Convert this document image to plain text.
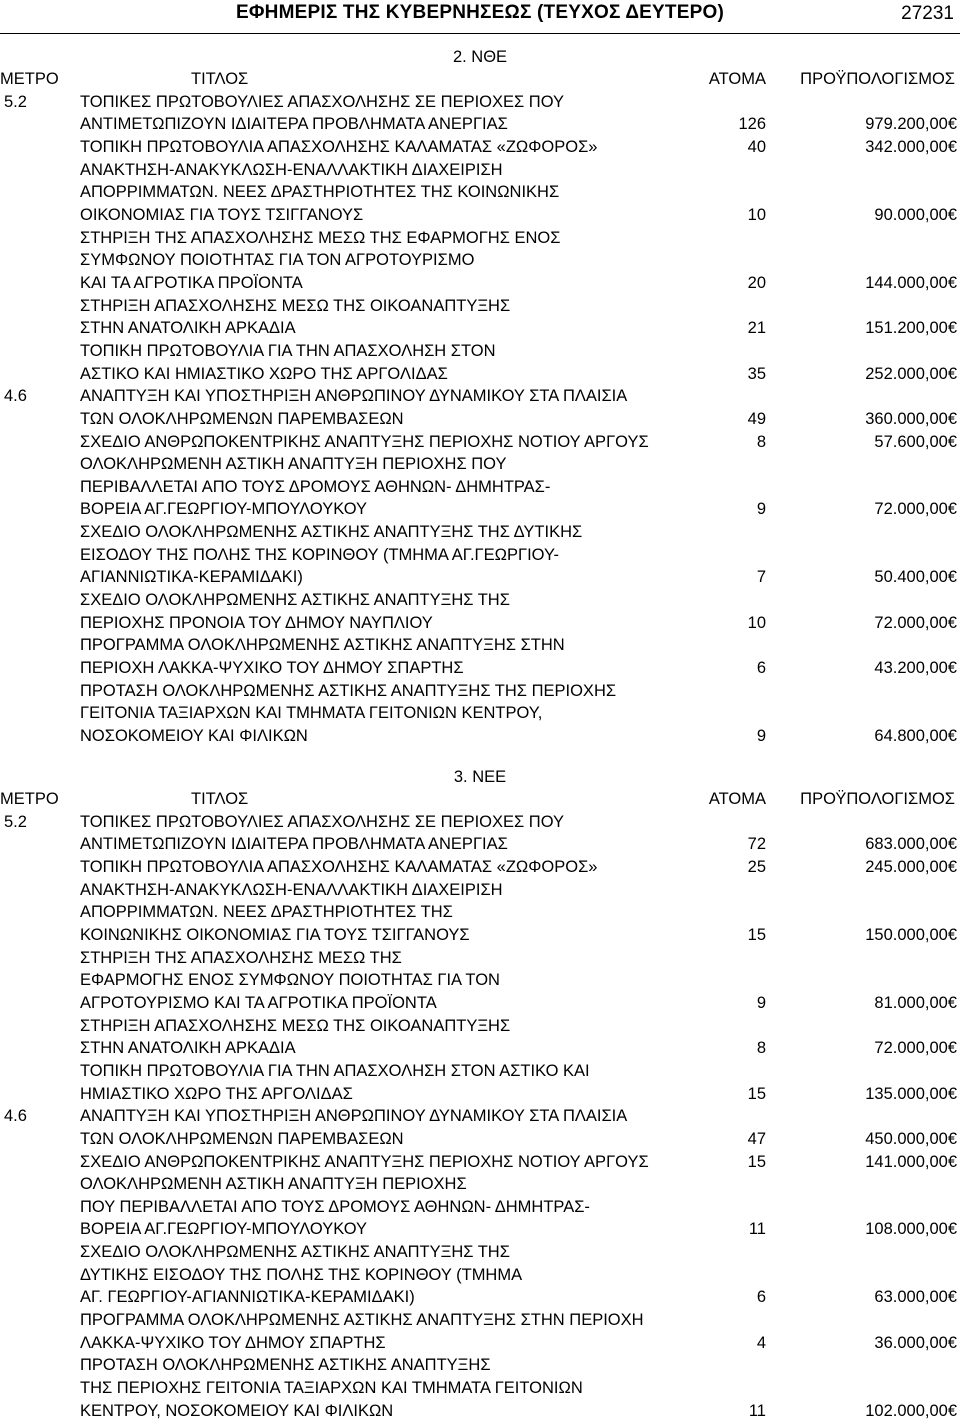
ΕΦΗΜΕΡΙΣ ΤΗΣ ΚΥΒΕΡΝΗΣΕΩΣ (ΤΕΥΧΟΣ ΔΕΥΤΕΡΟ)	27231
2. ΝΘΕ
ΜΕΤΡΟ	ΤΙΤΛΟΣ	ΑΤΟΜΑ ΠΡΟΫΠΟΛΟΓΙΣΜΟΣ
5.2	ΤΟΠΙΚΕΣ ΠΡΩΤΟΒΟΥΛΙΕΣ ΑΠΑΣΧΟΛΗΣΗΣ ΣΕ ΠΕΡΙΟΧΕΣ ΠΟΥ
ΑΝΤΙΜΕΤΩΠΙΖΟΥΝ ΙΔΙΑΙΤΕΡΑ ΠΡΟΒΛΗΜΑΤΑ ΑΝΕΡΓΙΑΣ	126	979.200,00€
ΤΟΠΙΚΗ ΠΡΩΤΟΒΟΥΛΙΑ ΑΠΑΣΧΟΛΗΣΗΣ ΚΑΛΑΜΑΤΑΣ «ΖΩΦΟΡΟΣ»	40	342.000,00€
ΑΝΑΚΤΗΣΗ-ΑΝΑΚΥΚΛΩΣΗ-ΕΝΑΛΛΑΚΤΙΚΗ ΔΙΑΧΕΙΡΙΣΗ
ΑΠΟΡΡΙΜΜΑΤΩΝ. ΝΕΕΣ ΔΡΑΣΤΗΡΙΟΤΗΤΕΣ ΤΗΣ ΚΟΙΝΩΝΙΚΗΣ
ΟΙΚΟΝΟΜΙΑΣ ΓΙΑ ΤΟΥΣ ΤΣΙΓΓΑΝΟΥΣ	10	90.000,00€
ΣΤΗΡΙΞΗ ΤΗΣ ΑΠΑΣΧΟΛΗΣΗΣ ΜΕΣΩ ΤΗΣ ΕΦΑΡΜΟΓΗΣ ΕΝΟΣ
ΣΥΜΦΩΝΟΥ ΠΟΙΟΤΗΤΑΣ ΓΙΑ ΤΟΝ ΑΓΡΟΤΟΥΡΙΣΜΟ
ΚΑΙ ΤΑ ΑΓΡΟΤΙΚΑ ΠΡΟΪΟΝΤΑ	20	144.000,00€
ΣΤΗΡΙΞΗ ΑΠΑΣΧΟΛΗΣΗΣ ΜΕΣΩ ΤΗΣ ΟΙΚΟΑΝΑΠΤΥΞΗΣ
ΣΤΗΝ ΑΝΑΤΟΛΙΚΗ ΑΡΚΑΔΙΑ	21	151.200,00€
ΤΟΠΙΚΗ ΠΡΩΤΟΒΟΥΛΙΑ ΓΙΑ ΤΗΝ ΑΠΑΣΧΟΛΗΣΗ ΣΤΟΝ
ΑΣΤΙΚΟ ΚΑΙ ΗΜΙΑΣΤΙΚΟ ΧΩΡΟ ΤΗΣ ΑΡΓΟΛΙΔΑΣ	35	252.000,00€
4.6	ΑΝΑΠΤΥΞΗ ΚΑΙ ΥΠΟΣΤΗΡΙΞΗ ΑΝΘΡΩΠΙΝΟΥ ΔΥΝΑΜΙΚΟΥ ΣΤΑ ΠΛΑΙΣΙΑ
ΤΩΝ ΟΛΟΚΛΗΡΩΜΕΝΩΝ ΠΑΡΕΜΒΑΣΕΩΝ	49	360.000,00€
ΣΧΕΔΙΟ ΑΝΘΡΩΠΟΚΕΝΤΡΙΚΗΣ ΑΝΑΠΤΥΞΗΣ ΠΕΡΙΟΧΗΣ ΝΟΤΙΟΥ ΑΡΓΟΥΣ	8	57.600,00€
ΟΛΟΚΛΗΡΩΜΕΝΗ ΑΣΤΙΚΗ ΑΝΑΠΤΥΞΗ ΠΕΡΙΟΧΗΣ ΠΟΥ
ΠΕΡΙΒΑΛΛΕΤΑΙ ΑΠΟ ΤΟΥΣ ΔΡΟΜΟΥΣ ΑΘΗΝΩΝ- ΔΗΜΗΤΡΑΣ-
ΒΟΡΕΙΑ ΑΓ.ΓΕΩΡΓΙΟΥ-ΜΠΟΥΛΟΥΚΟΥ	9	72.000,00€
ΣΧΕΔΙΟ ΟΛΟΚΛΗΡΩΜΕΝΗΣ ΑΣΤΙΚΗΣ ΑΝΑΠΤΥΞΗΣ ΤΗΣ ΔΥΤΙΚΗΣ
ΕΙΣΟΔΟΥ ΤΗΣ ΠΟΛΗΣ ΤΗΣ ΚΟΡΙΝΘΟΥ (ΤΜΗΜΑ ΑΓ.ΓΕΩΡΓΙΟΥ-
ΑΓΙΑΝΝΙΩΤΙΚΑ-ΚΕΡΑΜΙΔΑΚΙ)	7	50.400,00€
ΣΧΕΔΙΟ ΟΛΟΚΛΗΡΩΜΕΝΗΣ ΑΣΤΙΚΗΣ ΑΝΑΠΤΥΞΗΣ ΤΗΣ
ΠΕΡΙΟΧΗΣ ΠΡΟΝΟΙΑ ΤΟΥ ΔΗΜΟΥ ΝΑΥΠΛΙΟΥ	10	72.000,00€
ΠΡΟΓΡΑΜΜΑ ΟΛΟΚΛΗΡΩΜΕΝΗΣ ΑΣΤΙΚΗΣ ΑΝΑΠΤΥΞΗΣ ΣΤΗΝ
ΠΕΡΙΟΧΗ ΛΑΚΚΑ-ΨΥΧΙΚΟ ΤΟΥ ΔΗΜΟΥ ΣΠΑΡΤΗΣ	6	43.200,00€
ΠΡΟΤΑΣΗ ΟΛΟΚΛΗΡΩΜΕΝΗΣ ΑΣΤΙΚΗΣ ΑΝΑΠΤΥΞΗΣ ΤΗΣ ΠΕΡΙΟΧΗΣ
ΓΕΙΤΟΝΙΑ ΤΑΞΙΑΡΧΩΝ ΚΑΙ ΤΜΗΜΑΤΑ ΓΕΙΤΟΝΙΩΝ ΚΕΝΤΡΟΥ,
ΝΟΣΟΚΟΜΕΙΟΥ ΚΑΙ ΦΙΛΙΚΩΝ	9	64.800,00€
3. ΝΕΕ
ΜΕΤΡΟ	ΤΙΤΛΟΣ	ΑΤΟΜΑ ΠΡΟΫΠΟΛΟΓΙΣΜΟΣ
5.2	ΤΟΠΙΚΕΣ ΠΡΩΤΟΒΟΥΛΙΕΣ ΑΠΑΣΧΟΛΗΣΗΣ ΣΕ ΠΕΡΙΟΧΕΣ ΠΟΥ
ΑΝΤΙΜΕΤΩΠΙΖΟΥΝ ΙΔΙΑΙΤΕΡΑ ΠΡΟΒΛΗΜΑΤΑ ΑΝΕΡΓΙΑΣ	72	683.000,00€
ΤΟΠΙΚΗ ΠΡΩΤΟΒΟΥΛΙΑ ΑΠΑΣΧΟΛΗΣΗΣ ΚΑΛΑΜΑΤΑΣ «ΖΩΦΟΡΟΣ»	25	245.000,00€
ΑΝΑΚΤΗΣΗ-ΑΝΑΚΥΚΛΩΣΗ-ΕΝΑΛΛΑΚΤΙΚΗ ΔΙΑΧΕΙΡΙΣΗ
ΑΠΟΡΡΙΜΜΑΤΩΝ. ΝΕΕΣ ΔΡΑΣΤΗΡΙΟΤΗΤΕΣ ΤΗΣ
ΚΟΙΝΩΝΙΚΗΣ ΟΙΚΟΝΟΜΙΑΣ ΓΙΑ ΤΟΥΣ ΤΣΙΓΓΑΝΟΥΣ	15	150.000,00€
ΣΤΗΡΙΞΗ ΤΗΣ ΑΠΑΣΧΟΛΗΣΗΣ ΜΕΣΩ ΤΗΣ
ΕΦΑΡΜΟΓΗΣ ΕΝΟΣ ΣΥΜΦΩΝΟΥ ΠΟΙΟΤΗΤΑΣ ΓΙΑ ΤΟΝ
ΑΓΡΟΤΟΥΡΙΣΜΟ ΚΑΙ ΤΑ ΑΓΡΟΤΙΚΑ ΠΡΟΪΟΝΤΑ	9	81.000,00€
ΣΤΗΡΙΞΗ ΑΠΑΣΧΟΛΗΣΗΣ ΜΕΣΩ ΤΗΣ ΟΙΚΟΑΝΑΠΤΥΞΗΣ
ΣΤΗΝ ΑΝΑΤΟΛΙΚΗ ΑΡΚΑΔΙΑ	8	72.000,00€
ΤΟΠΙΚΗ ΠΡΩΤΟΒΟΥΛΙΑ ΓΙΑ ΤΗΝ ΑΠΑΣΧΟΛΗΣΗ ΣΤΟΝ ΑΣΤΙΚΟ ΚΑΙ
ΗΜΙΑΣΤΙΚΟ ΧΩΡΟ ΤΗΣ ΑΡΓΟΛΙΔΑΣ	15	135.000,00€
4.6	ΑΝΑΠΤΥΞΗ ΚΑΙ ΥΠΟΣΤΗΡΙΞΗ ΑΝΘΡΩΠΙΝΟΥ ΔΥΝΑΜΙΚΟΥ ΣΤΑ ΠΛΑΙΣΙΑ
ΤΩΝ ΟΛΟΚΛΗΡΩΜΕΝΩΝ ΠΑΡΕΜΒΑΣΕΩΝ	47	450.000,00€
ΣΧΕΔΙΟ ΑΝΘΡΩΠΟΚΕΝΤΡΙΚΗΣ ΑΝΑΠΤΥΞΗΣ ΠΕΡΙΟΧΗΣ ΝΟΤΙΟΥ ΑΡΓΟΥΣ	15	141.000,00€
ΟΛΟΚΛΗΡΩΜΕΝΗ ΑΣΤΙΚΗ ΑΝΑΠΤΥΞΗ ΠΕΡΙΟΧΗΣ
ΠΟΥ ΠΕΡΙΒΑΛΛΕΤΑΙ ΑΠΟ ΤΟΥΣ ΔΡΟΜΟΥΣ ΑΘΗΝΩΝ- ΔΗΜΗΤΡΑΣ-
ΒΟΡΕΙΑ ΑΓ.ΓΕΩΡΓΙΟΥ-ΜΠΟΥΛΟΥΚΟΥ	11	108.000,00€
ΣΧΕΔΙΟ ΟΛΟΚΛΗΡΩΜΕΝΗΣ ΑΣΤΙΚΗΣ ΑΝΑΠΤΥΞΗΣ ΤΗΣ
ΔΥΤΙΚΗΣ ΕΙΣΟΔΟΥ ΤΗΣ ΠΟΛΗΣ ΤΗΣ ΚΟΡΙΝΘΟΥ (ΤΜΗΜΑ
ΑΓ. ΓΕΩΡΓΙΟΥ-ΑΓΙΑΝΝΙΩΤΙΚΑ-ΚΕΡΑΜΙΔΑΚΙ)	6	63.000,00€
ΠΡΟΓΡΑΜΜΑ ΟΛΟΚΛΗΡΩΜΕΝΗΣ ΑΣΤΙΚΗΣ ΑΝΑΠΤΥΞΗΣ ΣΤΗΝ ΠΕΡΙΟΧΗ
ΛΑΚΚΑ-ΨΥΧΙΚΟ ΤΟΥ ΔΗΜΟΥ ΣΠΑΡΤΗΣ	4	36.000,00€
ΠΡΟΤΑΣΗ ΟΛΟΚΛΗΡΩΜΕΝΗΣ ΑΣΤΙΚΗΣ ΑΝΑΠΤΥΞΗΣ
ΤΗΣ ΠΕΡΙΟΧΗΣ ΓΕΙΤΟΝΙΑ ΤΑΞΙΑΡΧΩΝ ΚΑΙ ΤΜΗΜΑΤΑ ΓΕΙΤΟΝΙΩΝ
ΚΕΝΤΡΟΥ, ΝΟΣΟΚΟΜΕΙΟΥ ΚΑΙ ΦΙΛΙΚΩΝ	11	102.000,00€
